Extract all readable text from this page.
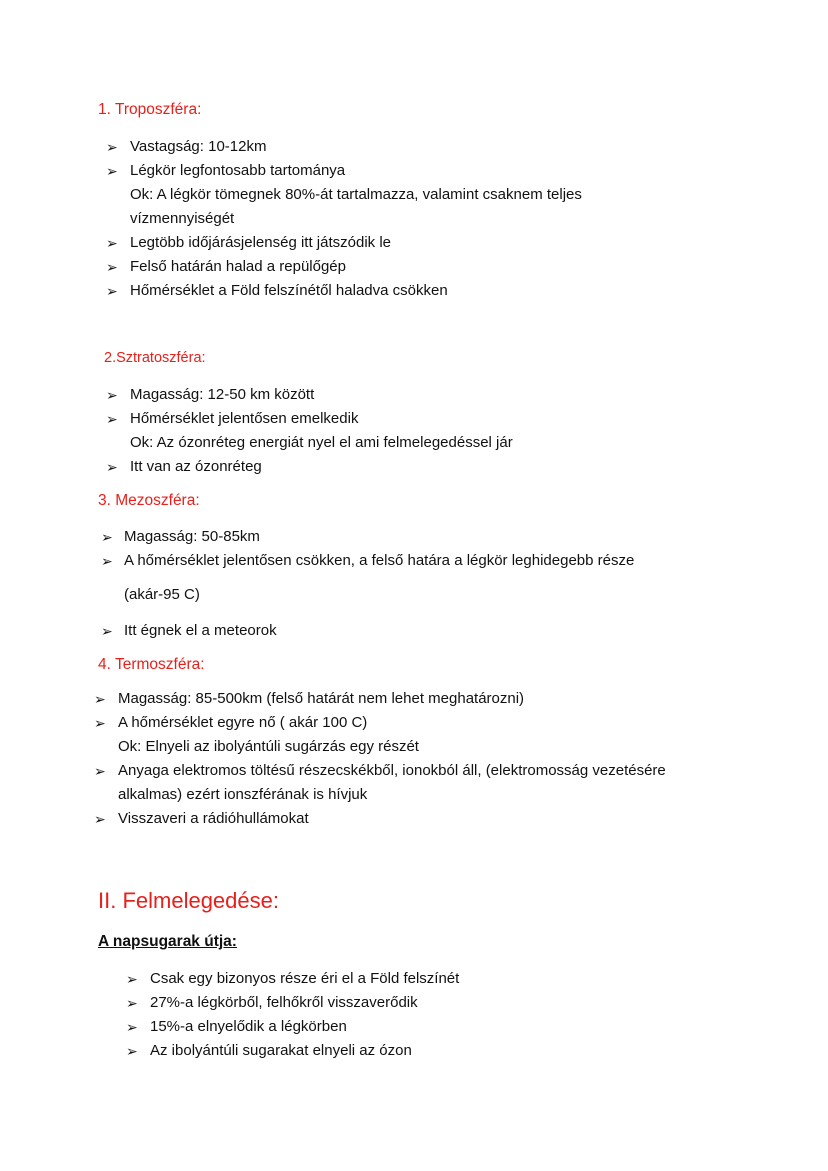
1. Troposzféra:
➢ Vastagság: 10-12km
➢ Légkör legfontosabb tartománya
Ok: A légkör tömegnek 80%-át tartalmazza, valamint csaknem teljes
vízmennyiségét
➢ Legtöbb időjárásjelenség itt játszódik le
➢ Felső határán halad a repülőgép
➢ Hőmérséklet a Föld felszínétől haladva csökken
2.Sztratoszféra:
➢ Magasság: 12-50 km között
➢ Hőmérséklet jelentősen emelkedik
Ok: Az ózonréteg energiát nyel el ami felmelegedéssel jár
➢ Itt van az ózonréteg
3. Mezoszféra:
➢ Magasság: 50-85km
➢ A hőmérséklet jelentősen csökken, a felső határa a légkör leghidegebb része
(akár-95 C)
➢ Itt égnek el a meteorok
4. Termoszféra:
➢ Magasság: 85-500km (felső határát nem lehet meghatározni)
➢ A hőmérséklet egyre nő ( akár 100 C)
Ok: Elnyeli az ibolyántúli sugárzás egy részét
➢ Anyaga elektromos töltésű részecskékből, ionokból áll, (elektromosság vezetésére
alkalmas) ezért ionszférának is hívjuk
➢ Visszaveri a rádióhullámokat
II. Felmelegedése:
A napsugarak útja:
➢ Csak egy bizonyos része éri el a Föld felszínét
➢ 27%-a légkörből, felhőkről visszaverődik
➢ 15%-a elnyelődik a légkörben
➢ Az ibolyántúli sugarakat elnyeli az ózon
